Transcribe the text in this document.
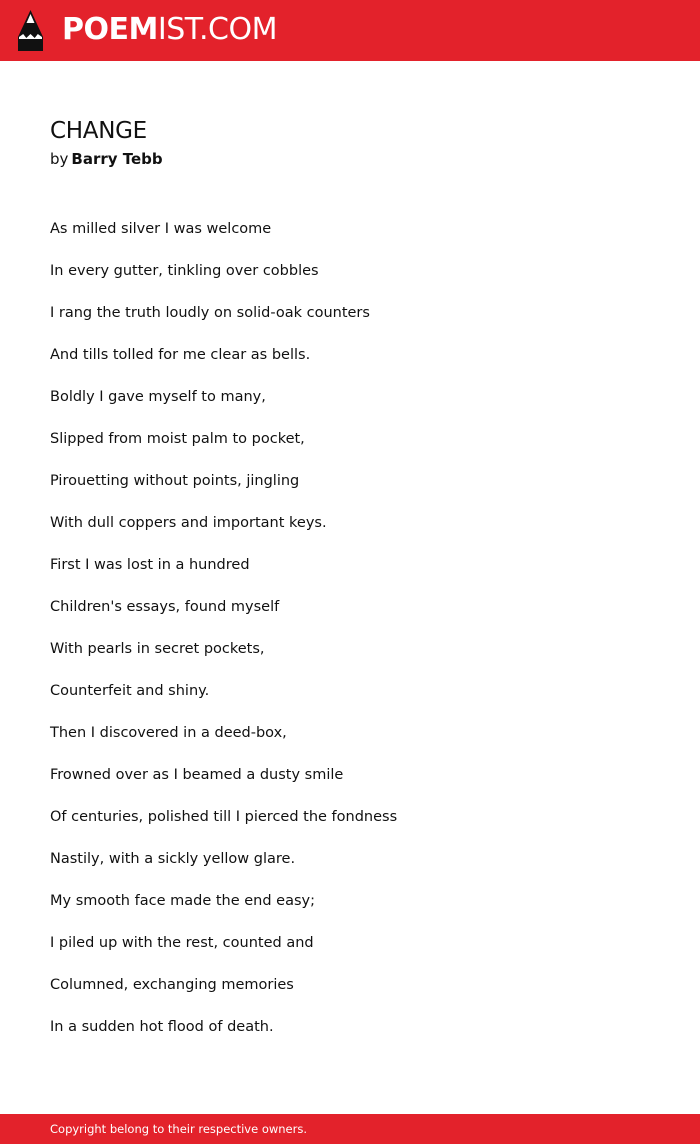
POEMIST.COM
CHANGE
by Barry Tebb
As milled silver I was welcome
In every gutter, tinkling over cobbles
I rang the truth loudly on solid-oak counters
And tills tolled for me clear as bells.
Boldly I gave myself to many,
Slipped from moist palm to pocket,
Pirouetting without points, jingling
With dull coppers and important keys.
First I was lost in a hundred
Children's essays, found myself
With pearls in secret pockets,
Counterfeit and shiny.
Then I discovered in a deed-box,
Frowned over as I beamed a dusty smile
Of centuries, polished till I pierced the fondness
Nastily, with a sickly yellow glare.
My smooth face made the end easy;
I piled up with the rest, counted and
Columned, exchanging memories
In a sudden hot flood of death.
Copyright belong to their respective owners.
